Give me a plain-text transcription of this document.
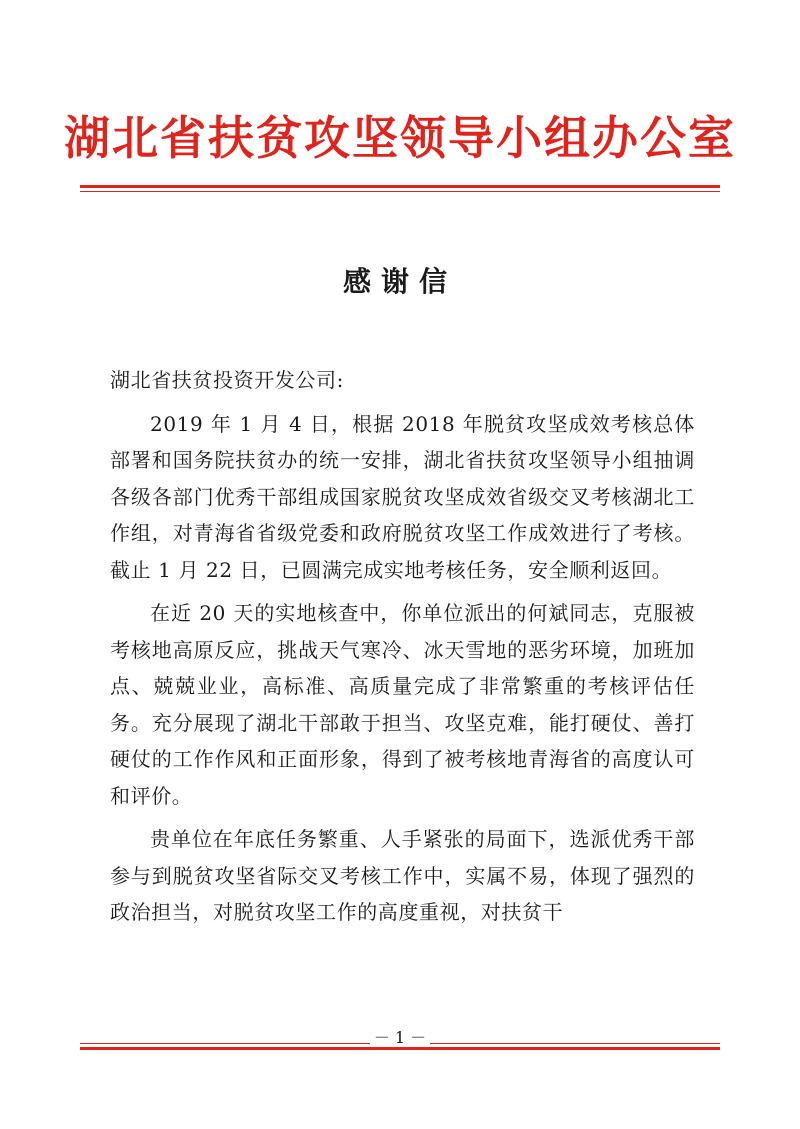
湖北省扶贫攻坚领导小组办公室
感谢信

湖北省扶贫投资开发公司:

2019 年 1 月 4 日，根据 2018 年脱贫攻坚成效考核总体部署和国务院扶贫办的统一安排，湖北省扶贫攻坚领导小组抽调各级各部门优秀干部组成国家脱贫攻坚成效省级交叉考核湖北工作组，对青海省省级党委和政府脱贫攻坚工作成效进行了考核。截止 1 月 22 日，已圆满完成实地考核任务，安全顺利返回。

在近 20 天的实地核查中，你单位派出的何斌同志，克服被考核地高原反应，挑战天气寒冷、冰天雪地的恶劣环境，加班加点、兢兢业业，高标准、高质量完成了非常繁重的考核评估任务。充分展现了湖北干部敢于担当、攻坚克难，能打硬仗、善打硬仗的工作作风和正面形象，得到了被考核地青海省的高度认可和评价。

贵单位在年底任务繁重、人手紧张的局面下，选派优秀干部参与到脱贫攻坚省际交叉考核工作中，实属不易，体现了强烈的政治担当，对脱贫攻坚工作的高度重视，对扶贫干

－ 1 －
